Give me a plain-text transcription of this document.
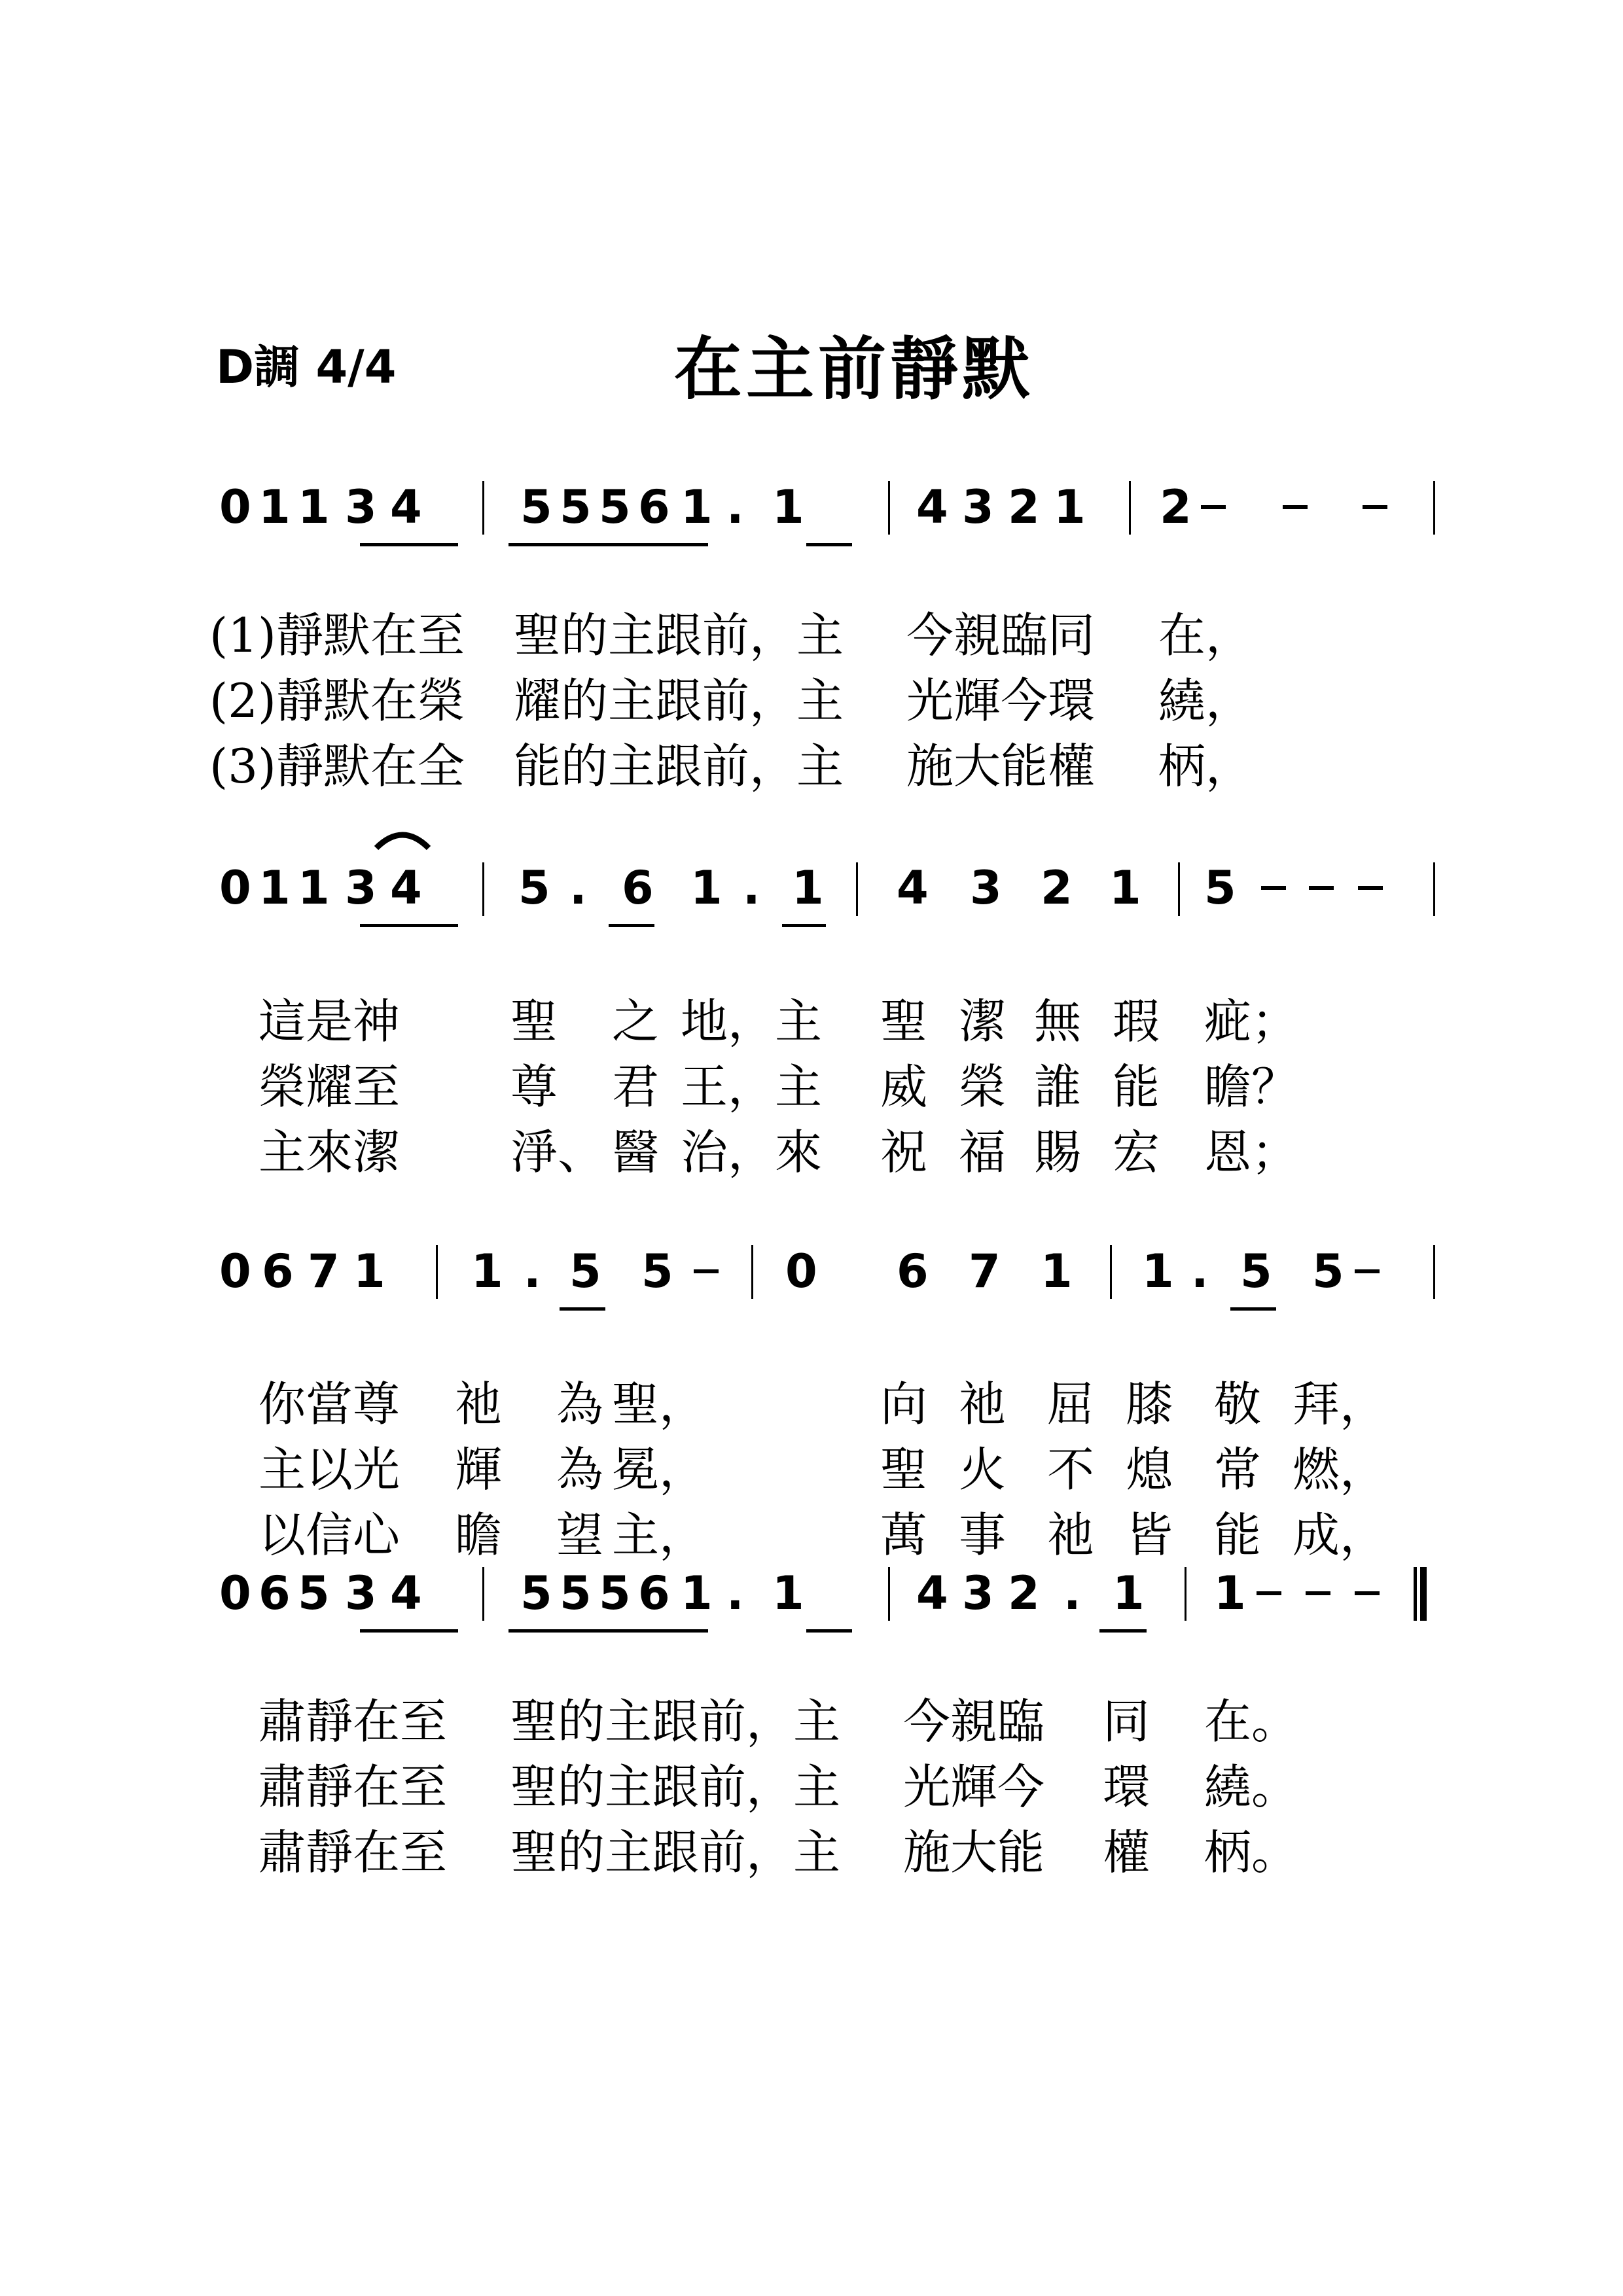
D調 4/4	在主前靜默
0 1 1 3 4 5 5 5 6 1 . 1 4 3 2 1 2
0 1 1 3 4 5 . 6 1 . 1 4 3 2 1 5
0 6 7 1 1 . 5 5 0 6 7 1 1 . 5 5
0 6 5 3 4 5 5 5 6 1 . 1 4 3 2 . 1 1
(1)靜默在至 聖的主跟前，主 今親臨同 在，
(2)靜默在榮 耀的主跟前，主 光輝今環 繞，
(3)靜默在全 能的主跟前，主 施大能權 柄，
這是神 聖 之 地，主 聖 潔 無 瑕 疵；
榮耀至 尊 君 王，主 威 榮 誰 能 瞻？
主來潔 淨、 醫 治，來 祝 福 賜 宏 恩；
你當尊 祂 為 聖，	向 祂 屈 膝 敬 拜，
主以光 輝 為 冕，	聖 火 不 熄 常 燃，
以信心 瞻 望 主，	萬 事 祂 皆 能 成，
肅靜在至 聖的主跟前，主 今親臨 同 在。
肅靜在至 聖的主跟前，主 光輝今 環 繞。
肅靜在至 聖的主跟前，主 施大能 權 柄。
